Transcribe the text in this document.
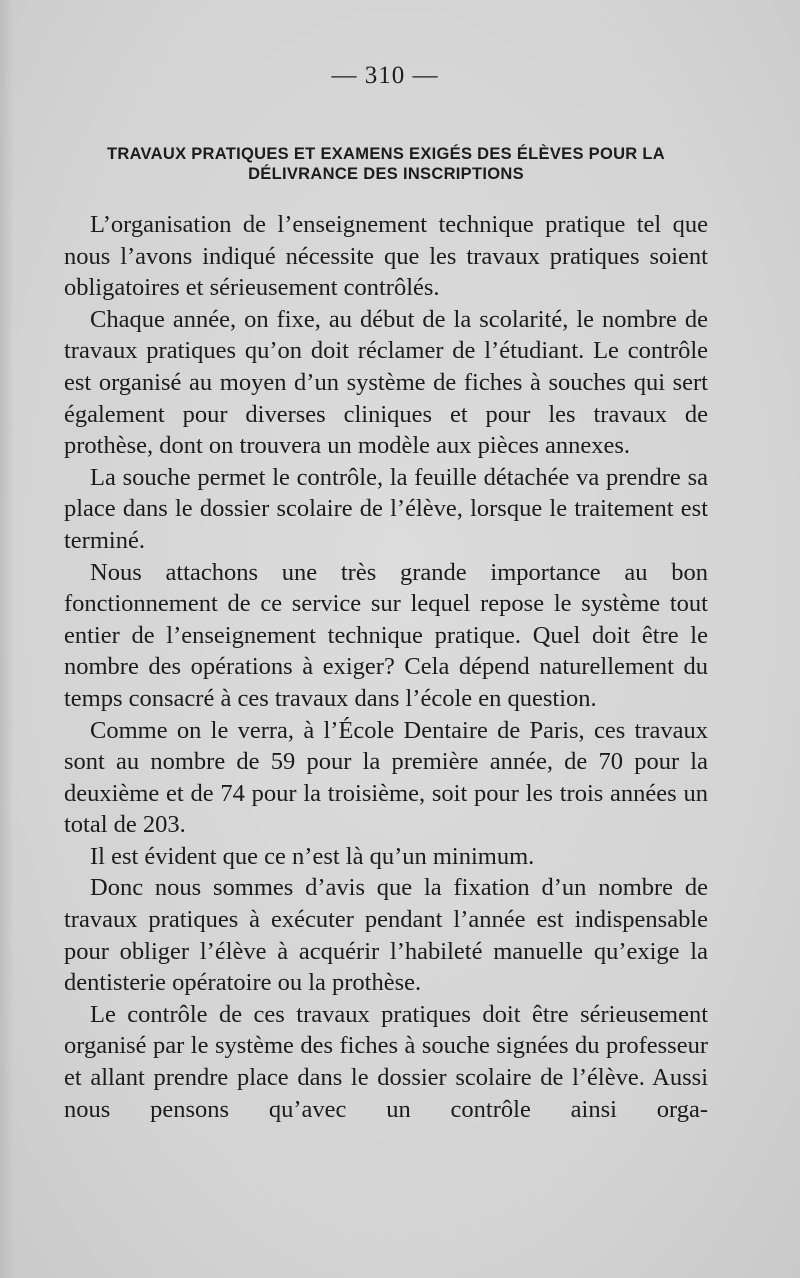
— 310 —
TRAVAUX PRATIQUES ET EXAMENS EXIGÉS DES ÉLÈVES POUR LA DÉLIVRANCE DES INSCRIPTIONS

L’organisation de l’enseignement technique pratique tel que nous l’avons indiqué nécessite que les travaux pratiques soient obligatoires et sérieusement contrôlés.

Chaque année, on fixe, au début de la scolarité, le nombre de travaux pratiques qu’on doit réclamer de l’étudiant. Le contrôle est organisé au moyen d’un système de fiches à souches qui sert également pour diverses cliniques et pour les travaux de prothèse, dont on trouvera un modèle aux pièces annexes.

La souche permet le contrôle, la feuille détachée va prendre sa place dans le dossier scolaire de l’élève, lorsque le traitement est terminé.

Nous attachons une très grande importance au bon fonctionnement de ce service sur lequel repose le système tout entier de l’enseignement technique pratique. Quel doit être le nombre des opérations à exiger? Cela dépend naturellement du temps consacré à ces travaux dans l’école en question.

Comme on le verra, à l’École Dentaire de Paris, ces travaux sont au nombre de 59 pour la première année, de 70 pour la deuxième et de 74 pour la troisième, soit pour les trois années un total de 203.

Il est évident que ce n’est là qu’un minimum.

Donc nous sommes d’avis que la fixation d’un nombre de travaux pratiques à exécuter pendant l’année est indispensable pour obliger l’élève à acquérir l’habileté manuelle qu’exige la dentisterie opératoire ou la prothèse.

Le contrôle de ces travaux pratiques doit être sérieusement organisé par le système des fiches à souche signées du professeur et allant prendre place dans le dossier scolaire de l’élève. Aussi nous pensons qu’avec un contrôle ainsi orga-
